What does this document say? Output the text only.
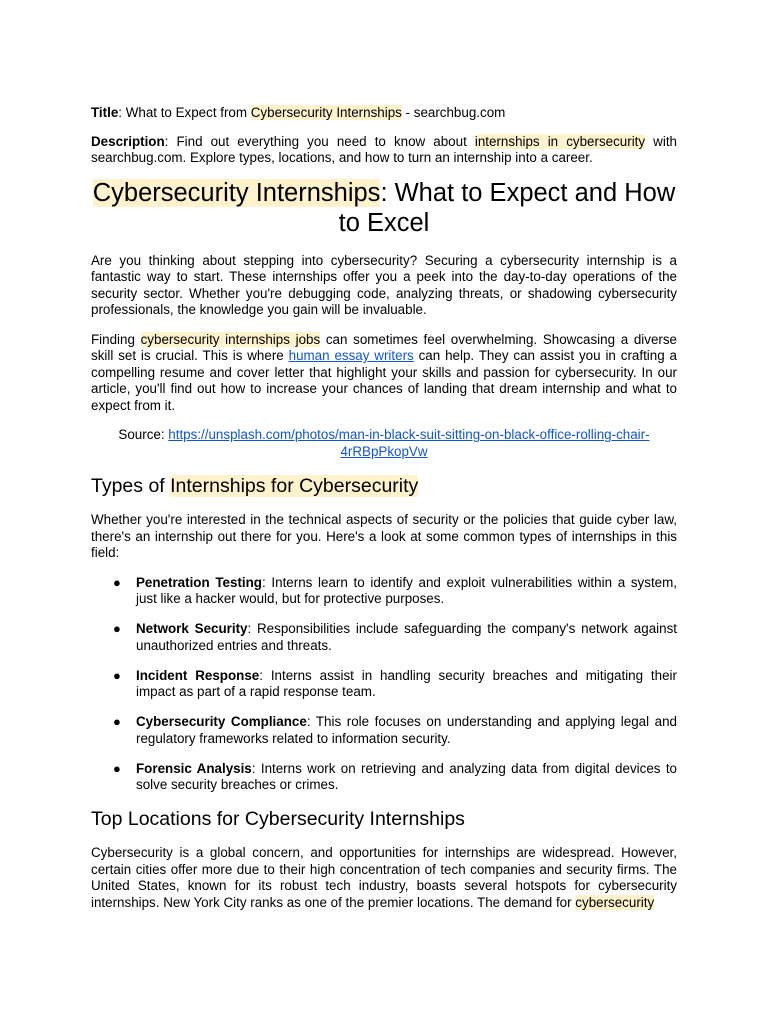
Title: What to Expect from Cybersecurity Internships - searchbug.com

Description: Find out everything you need to know about internships in cybersecurity with searchbug.com. Explore types, locations, and how to turn an internship into a career.

Cybersecurity Internships: What to Expect and How to Excel

Are you thinking about stepping into cybersecurity? Securing a cybersecurity internship is a fantastic way to start. These internships offer you a peek into the day-to-day operations of the security sector. Whether you're debugging code, analyzing threats, or shadowing cybersecurity professionals, the knowledge you gain will be invaluable.

Finding cybersecurity internships jobs can sometimes feel overwhelming. Showcasing a diverse skill set is crucial. This is where human essay writers can help. They can assist you in crafting a compelling resume and cover letter that highlight your skills and passion for cybersecurity. In our article, you'll find out how to increase your chances of landing that dream internship and what to expect from it.

Source: https://unsplash.com/photos/man-in-black-suit-sitting-on-black-office-rolling-chair-4rRBpPkopVw

Types of Internships for Cybersecurity

Whether you're interested in the technical aspects of security or the policies that guide cyber law, there's an internship out there for you. Here's a look at some common types of internships in this field:

● Penetration Testing: Interns learn to identify and exploit vulnerabilities within a system, just like a hacker would, but for protective purposes.
● Network Security: Responsibilities include safeguarding the company's network against unauthorized entries and threats.
● Incident Response: Interns assist in handling security breaches and mitigating their impact as part of a rapid response team.
● Cybersecurity Compliance: This role focuses on understanding and applying legal and regulatory frameworks related to information security.
● Forensic Analysis: Interns work on retrieving and analyzing data from digital devices to solve security breaches or crimes.
Top Locations for Cybersecurity Internships

Cybersecurity is a global concern, and opportunities for internships are widespread. However, certain cities offer more due to their high concentration of tech companies and security firms. The United States, known for its robust tech industry, boasts several hotspots for cybersecurity internships. New York City ranks as one of the premier locations. The demand for cybersecurity
